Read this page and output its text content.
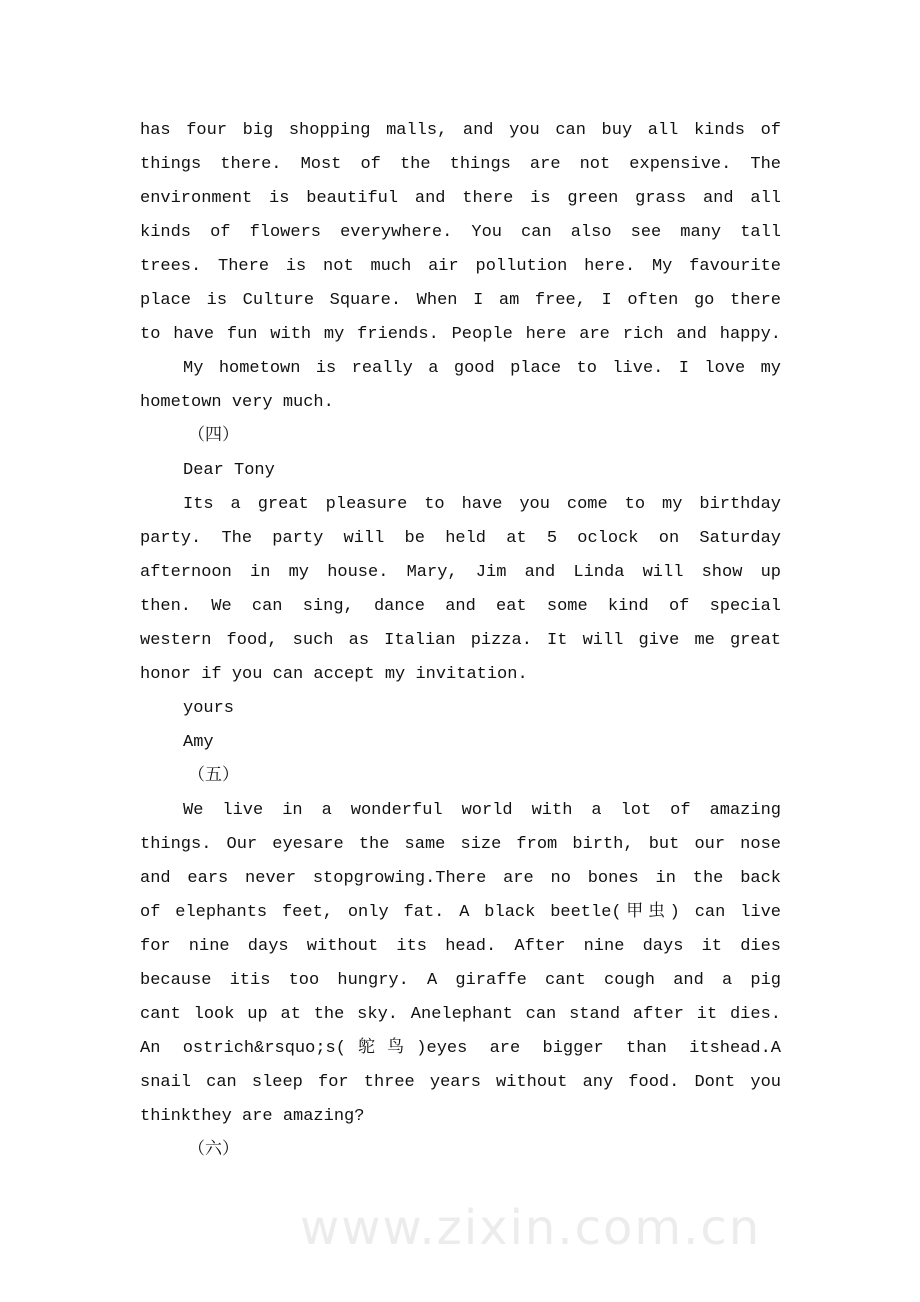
has four big shopping malls, and you can buy all kinds of
things there. Most of the things are not expensive. The
environment is beautiful and there is green grass and all
kinds of flowers everywhere. You can also see many tall
trees. There is not much air pollution here. My favourite
place is Culture Square. When I am free, I often go there
to have fun with my friends. People here are rich and happy.
My hometown is really a good place to live. I love my
hometown very much.
（四）
Dear Tony
Its a great pleasure to have you come to my birthday
party. The party will be held at 5 oclock on Saturday
afternoon in my house. Mary, Jim and Linda will show up
then. We can sing, dance and eat some kind of special
western food, such as Italian pizza. It will give me great
honor if you can accept my invitation.
yours
Amy
（五）
We live in a wonderful world with a lot of amazing
things. Our eyesare the same size from birth, but our nose
and ears never stopgrowing.There are no bones in the back
of elephants feet, only fat. A black beetle(甲虫) can live
for nine days without its head. After nine days it dies
because itis too hungry. A giraffe cant cough and a pig
cant look up at the sky. Anelephant can stand after it dies.
An ostrich&rsquo;s(鸵鸟)eyes are bigger than itshead.A
snail can sleep for three years without any food. Dont you
thinkthey are amazing?
（六）
www.zixin.com.cn
